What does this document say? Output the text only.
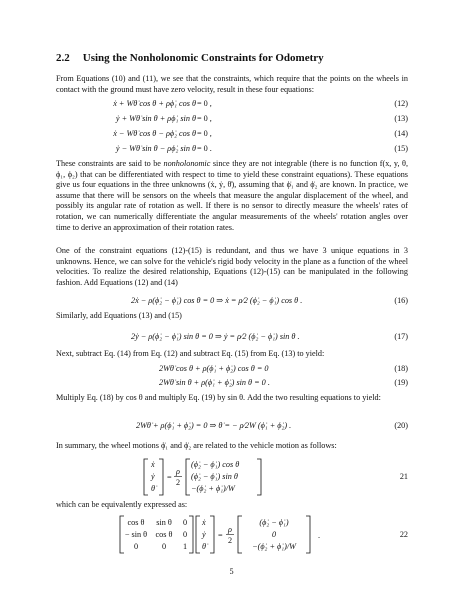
2.2 Using the Nonholonomic Constraints for Odometry
From Equations (10) and (11), we see that the constraints, which require that the points on the wheels in contact with the ground must have zero velocity, result in these four equations:
ẋ + Wθ̇ cos θ + ρϕ̇₁ cos θ = 0 ,	( 12 )
ẏ + Wθ̇ sin θ + ρϕ̇₁ sin θ = 0 ,	( 13 )
ẋ − Wθ̇ cos θ − ρϕ̇₂ cos θ = 0 ,	( 14 )
ẏ − Wθ̇ sin θ − ρϕ̇₂ sin θ = 0 .	( 15 )
These constraints are said to be nonholonomic since they are not integrable (there is no function f(x, y, θ, ϕ₁, ϕ₂) that can be differentiated with respect to time to yield these constraint equations). These equations give us four equations in the three unknowns (ẋ, ẏ, θ̇), assuming that ϕ̇₁ and ϕ̇₂ are known. In practice, we assume that there will be sensors on the wheels that measure the angular displacement of the wheel, and possibly its angular rate of rotation as well. If there is no sensor to directly measure the wheels' rates of rotation, we can numerically differentiate the angular measurements of the wheels' rotation angles over time to derive an approximation of their rotation rates.
One of the constraint equations (12)-(15) is redundant, and thus we have 3 unique equations in 3 unknowns. Hence, we can solve for the vehicle's rigid body velocity in the plane as a function of the wheel velocities. To realize the desired relationship, Equations (12)-(15) can be manipulated in the following fashion. Add Equations (12) and (14)
2ẋ − ρ(ϕ̇₂ − ϕ̇₁) cos θ = 0 ⇒ ẋ = ρ⁄2 (ϕ̇₂ − ϕ̇₁) cos θ .	( 16 )
Similarly, add Equations (13) and (15)
2ẏ − ρ(ϕ̇₂ − ϕ̇₁) sin θ = 0 ⇒ ẏ = ρ⁄2 (ϕ̇₂ − ϕ̇₁) sin θ .	( 17 )
Next, subtract Eq. (14) from Eq. (12) and subtract Eq. (15) from Eq. (13) to yield:
2Wθ̇ cos θ + ρ(ϕ̇₁ + ϕ̇₂) cos θ = 0	( 18 )
2Wθ̇ sin θ + ρ(ϕ̇₁ + ϕ̇₂) sin θ = 0 .	( 19 )
Multiply Eq. (18) by cos θ and multiply Eq. (19) by sin θ. Add the two resulting equations to yield:
2Wθ̇ + ρ(ϕ̇₁ + ϕ̇₂) = 0 ⇒ θ̇ = − ρ⁄2W (ϕ̇₁ + ϕ̇₂) .	( 20 )
In summary, the wheel motions ϕ̇₁ and ϕ̇₂ are related to the vehicle motion as follows:
ẋ
ẏ
θ̇
=
ρ
2
(ϕ̇₂ − ϕ̇₁) cos θ
(ϕ̇₂ − ϕ̇₁) sin θ
−(ϕ̇₂ + ϕ̇₁)/W
21
which can be equivalently expressed as:
cos θ sin θ 0
− sin θ cos θ 0
0	0 1
ẋ
ẏ
θ̇
=
ρ
2
(ϕ̇₂ − ϕ̇₁)
0
−(ϕ̇₂ + ϕ̇₁)/W
.	22
5
